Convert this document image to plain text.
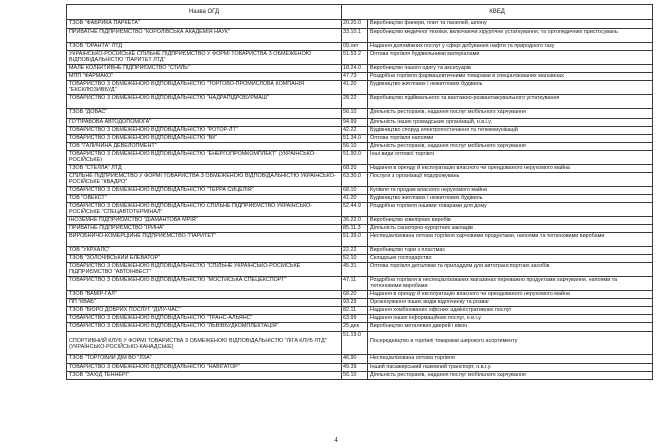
Назва ОГД	КВЕД	
ТЗОВ "ФАБРИКА ПАРКЕТА"	20.20.0	Виробництво фанери, плит та панелей, шпону
ПРИВАТНЕ ПІДПРИЄМСТВО "КОРОЛІВСЬКА АКАДЕМІЯ НАУК"	33.10.1	Виробництво медичної техніки, включаючи хірургічне устаткування, та ортопедичних пристосувань
ТЗОВ "ОРАНТА" ЛТД	09.окт	Надання допоміжних послуг у сфері добування нафти та природного газу
УКРАЇНСЬКО-РОСІЙСЬКЕ СПІЛЬНЕ ПІДПРИЄМСТВО У ФОРМІ ТОВАРИСТВА З ОБМЕЖЕНОЮ ВІДПОВІДАЛЬНІСТЮ "ПАРИТЕТ ЛТД"	51.53.2	Оптова торгівля будівельними матеріалами
МАЛЕ КОЛЕКТИВНЕ ПІДПРИЄМСТВО "СТИЛЬ"	18.24.0	Виробництво іншого одягу та аксесуарів
МПП "ФАРМАКО"	47.73	Роздрібна торгівля фармацевтичними товарами в спеціалізованих магазинах
ТОВАРИСТВО З ОБМЕЖЕНОЮ ВІДПОВІДАЛЬНІСТЮ "ТОРГОВО-ПРОМИСЛОВА КОМПАНІЯ "ЕКСКЛЮЗИВБУД"	41.20	Будівництво житлових і нежитлових будівель
ТОВАРИСТВО З ОБМЕЖЕНОЮ ВІДПОВІДАЛЬНІСТЮ "НАДРАПІДРОБУРМАШ"	28.22	Виробництво підіймального та вантажно-розвантажувального устаткування
ТЗОВ "ДОВАС"	56.10	Діяльність ресторанів, надання послуг мобільного харчування
ГО"ПРАВОВА АВТОДОПОМОГА"	94.99	Діяльність інших громадських організацій, н.в.і.у.
ТОВАРИСТВО З ОБМЕЖЕНОЮ ВІДПОВІДАЛЬНІСТЮ "РОТОР-ЛТ"	42.22	Будівництво споруд електропостачання та телекомунікацій
ТОВАРИСТВО З ОБМЕЖЕНОЮ ВІДПОВІДАЛЬНІСТЮ "ВК"	51.34.0	Оптова торгівля напоями
ТОВ "ГАЛИЧИНА ДЕВЕЛОПМЕНТ"	56.10	Діяльність ресторанів, надання послуг мобільного харчування
ТОВАРИСТВО З ОБМЕЖЕНОЮ ВІДПОВІДАЛЬНІСТЮ "ЕНЕРГОПРОМКОМПЛЕКТ" (УКРАЇНСЬКО-РОСІЙСЬКЕ)	51.90.0	Інші види оптової торгівлі
ТЗОВ "СТЕЛЛА" ЛТД	68.20	Надання в оренду й експлуатацію власного чи орендованого нерухомого майна
СПІЛЬНЕ ПІДПРИЄМСТВО У ФОРМІ ТОВАРИСТВА З ОБМЕЖЕНОЮ ВІДПОВІДАЛЬНІСТЮ УКРАЇНСЬКО-РОСІЙСЬКЕ "КВАДРО"	63.30.0	Послуги з організації подорожувань
ТОВАРИСТВО З ОБМЕЖЕНОЮ ВІДПОВІДАЛЬНІСТЮ "ТЕРРА СИЦЕЛІЯ"	68.10	Купівля та продаж власного нерухомого майна
ТОВ "ОВЕКСТ"	41.20	Будівництво житлових і нежитлових будівель
ТОВАРИСТВО З ОБМЕЖЕНОЮ ВІДПОВІДАЛЬНІСТЮ СПІЛЬНЕ ПІДПРИЄМСТВО УКРАЇНСЬКО-РОСІЙСЬКЕ "СПЕЦАВТОТЕРМІНАЛ"	52.44.9	Роздрібна торгівля іншими товарами для дому
ІНОЗЕМНЕ ПІДПРИЄМСТВО "ДІАМАНТОВА МРІЯ"	36.22.0	Виробництво ювелірних виробів
ПРИВАТНЕ ПІДПРИЄМСТВО "ІРИНА"	85.11.3	Діяльність санаторно-курортних закладів
ВИРОБНИЧО-КОМЕРЦІЙНЕ ПІДПРИЄМСТВО "ПАРИТЕТ"	51.39.0	Неспеціалізована оптова торгівля харчовими продуктами, напоями та тютюновими виробами
ТОВ "УКРХАЛС"	22.22	Виробництво тари з пластмас
ТЗОВ "ЗОЛОЧІВСЬКИЙ ЕЛЕВАТОР"	52.10	Складське господарство
ТОВАРИСТВО З ОБМЕЖЕНОЮ ВІДПОВІДАЛЬНІСТЮ "СПІЛЬНЕ УКРАЇНСЬКО-РОСІЙСЬКЕ ПІДПРИЄМСТВО "АВТОІНВЕСТ"	45.31	Оптова торгівля деталями та приладдям для автотранспортних засобів
ТОВАРИСТВО З ОБМЕЖЕНОЮ ВІДПОВІДАЛЬНІСТЮ "МОСТИСЬКА СПЕЦЕКСПОРТ"	47.11	Роздрібна торгівля в неспеціалізованих магазинах переважно продуктами харчування, напоями та тютюновими виробами
ТЗОВ "ВАМІР-ГАЛ"	68.20	Надання в оренду й експлуатацію власного чи орендованого нерухомого майна
ПП "КВАБ"	93.29	Організування інших видів відпочинку та розваг
ТЗОВ "БЮРО ДОБРИХ ПОСЛУГ "ДІЛУ-ЧАС"	82.11	Надання комбінованих офісних адміністративних послуг
ТОВАРИСТВО З ОБМЕЖЕНОЮ ВІДПОВІДАЛЬНІСТЮ "ТРАНС-АЛЬЯНС"	63.99	Надання інших інформаційних послуг, н.в.і.у.
ТОВАРИСТВО З ОБМЕЖЕНОЮ ВІДПОВІДАЛЬНІСТЮ "ЛЬВІВБУДКОМПЛЕКТАЦІЯ"	25.дек	Виробництво металевих дверей і вікон
СПОРТИВНИЙ КЛУБ У ФОРМІ ТОВАРИСТВА З ОБМЕЖЕНОЮ ВІДПОВІДАЛЬНІСТЮ "ЛІГА КЛУБ ЛТД" (УКРАЇНСЬКО-РОСІЙСЬКО-КАНАДСЬКЕ)	51.19.0	Посередництво в торгівлі товарами широкого асортименту
ТЗОВ "ТОРГОВИЙ ДІМ ВО "ЛЗА"	46.90	Неспеціалізована оптова торгівля
ТОВАРИСТВО З ОБМЕЖЕНОЮ ВІДПОВІДАЛЬНІСТЮ "НАВІГАТОР"	49.39	Інший пасажирський наземний транспорт, н.в.і.у.
ТЗОВ "ЗАХІД ТЕННЕРІ"	56.10	Діяльність ресторанів, надання послуг мобільного харчування
4
